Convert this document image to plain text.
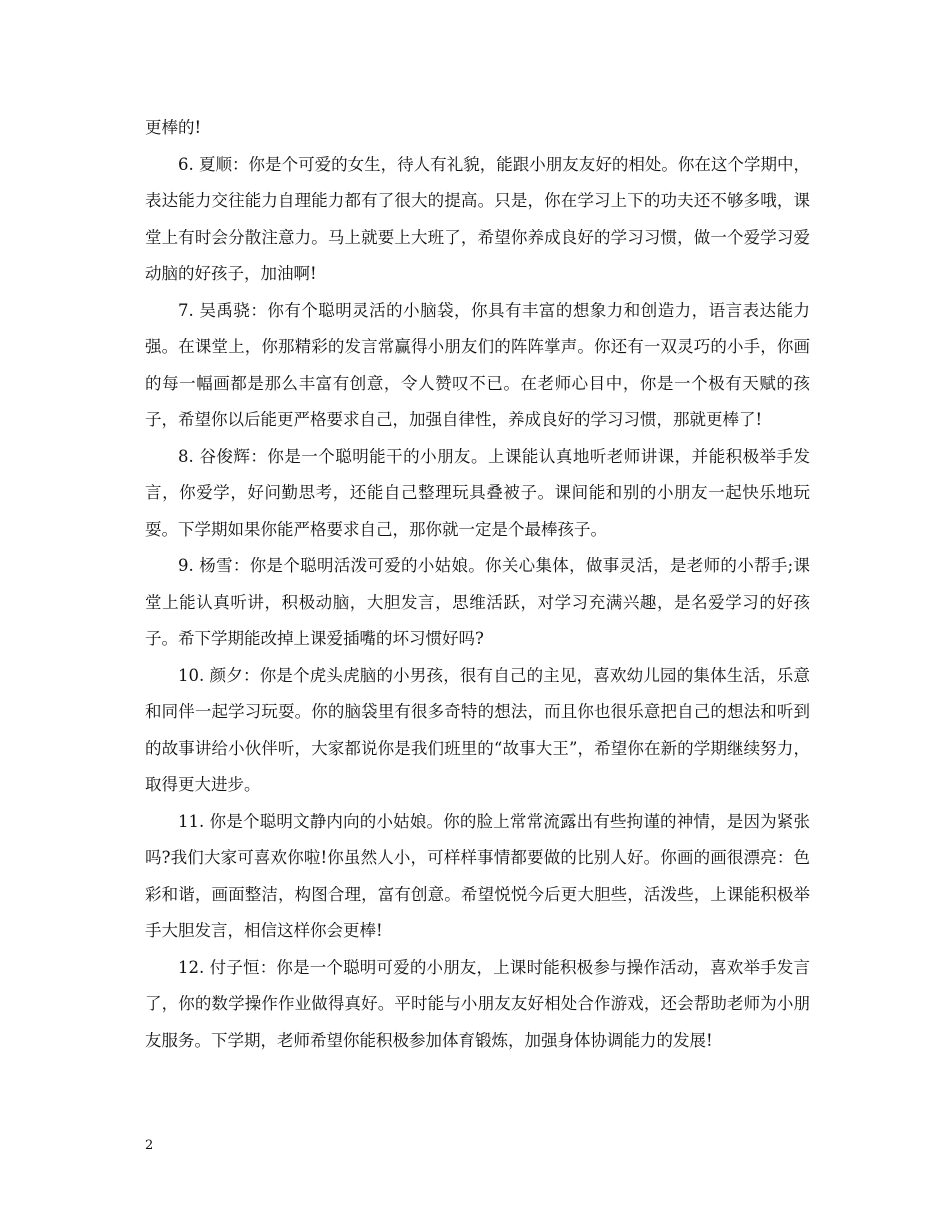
更棒的!

6. 夏顺：你是个可爱的女生，待人有礼貌，能跟小朋友友好的相处。你在这个学期中，表达能力交往能力自理能力都有了很大的提高。只是，你在学习上下的功夫还不够多哦，课堂上有时会分散注意力。马上就要上大班了，希望你养成良好的学习习惯，做一个爱学习爱动脑的好孩子，加油啊!

7. 吴禹骁：你有个聪明灵活的小脑袋，你具有丰富的想象力和创造力，语言表达能力强。在课堂上，你那精彩的发言常赢得小朋友们的阵阵掌声。你还有一双灵巧的小手，你画的每一幅画都是那么丰富有创意，令人赞叹不已。在老师心目中，你是一个极有天赋的孩子，希望你以后能更严格要求自己，加强自律性，养成良好的学习习惯，那就更棒了!

8. 谷俊辉：你是一个聪明能干的小朋友。上课能认真地听老师讲课，并能积极举手发言，你爱学，好问勤思考，还能自己整理玩具叠被子。课间能和别的小朋友一起快乐地玩耍。下学期如果你能严格要求自己，那你就一定是个最棒孩子。

9. 杨雪：你是个聪明活泼可爱的小姑娘。你关心集体，做事灵活，是老师的小帮手;课堂上能认真听讲，积极动脑，大胆发言，思维活跃，对学习充满兴趣，是名爱学习的好孩子。希下学期能改掉上课爱插嘴的坏习惯好吗?

10. 颜夕：你是个虎头虎脑的小男孩，很有自己的主见，喜欢幼儿园的集体生活，乐意和同伴一起学习玩耍。你的脑袋里有很多奇特的想法，而且你也很乐意把自己的想法和听到的故事讲给小伙伴听，大家都说你是我们班里的“故事大王”，希望你在新的学期继续努力，取得更大进步。

11. 你是个聪明文静内向的小姑娘。你的脸上常常流露出有些拘谨的神情，是因为紧张吗?我们大家可喜欢你啦!你虽然人小，可样样事情都要做的比别人好。你画的画很漂亮：色彩和谐，画面整洁，构图合理，富有创意。希望悦悦今后更大胆些，活泼些，上课能积极举手大胆发言，相信这样你会更棒!

12. 付子恒：你是一个聪明可爱的小朋友，上课时能积极参与操作活动，喜欢举手发言了，你的数学操作作业做得真好。平时能与小朋友友好相处合作游戏，还会帮助老师为小朋友服务。下学期，老师希望你能积极参加体育锻炼，加强身体协调能力的发展!

2
